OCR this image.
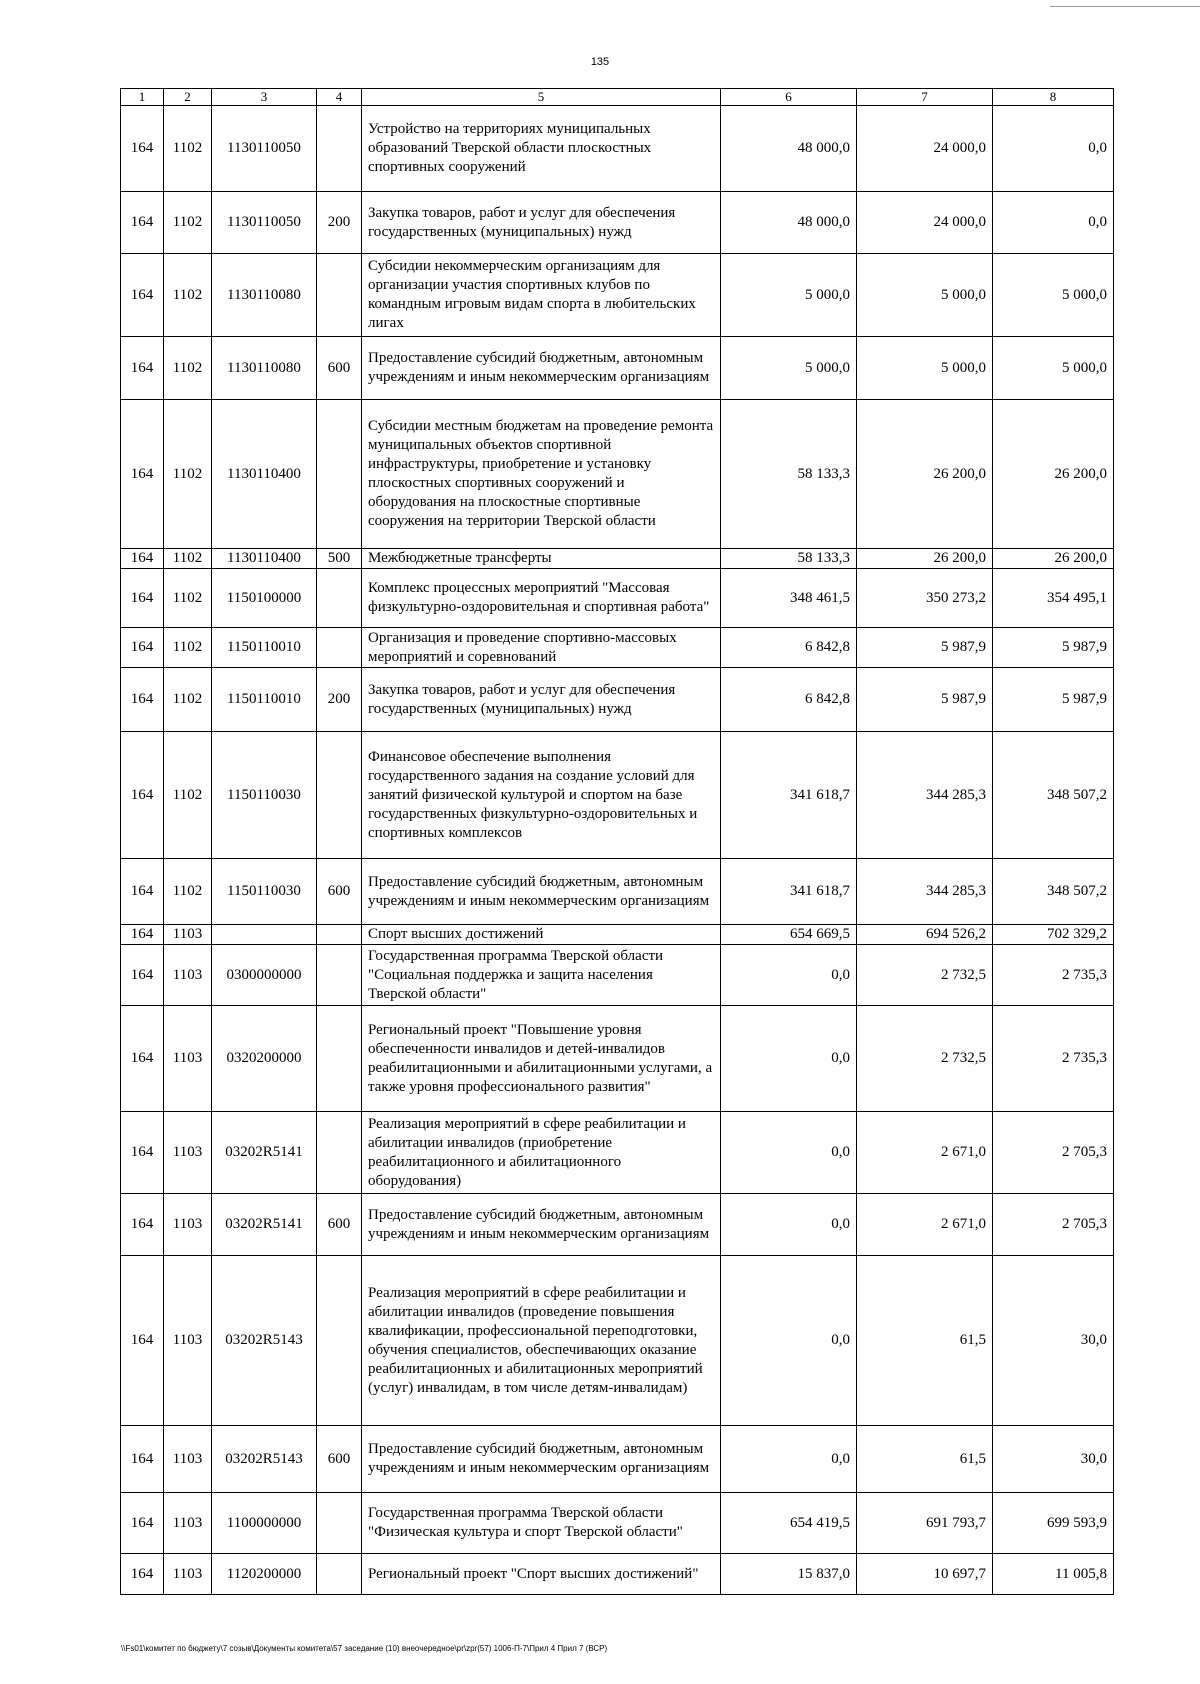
135
1	2	3	4	5	6	7	8
164	1102	1130110050		Устройство на территориях муниципальных образований Тверской области плоскостных спортивных сооружений	48 000,0	24 000,0	0,0
164	1102	1130110050	200	Закупка товаров, работ и услуг для обеспечения государственных (муниципальных) нужд	48 000,0	24 000,0	0,0
164	1102	1130110080		Субсидии некоммерческим организациям для организации участия спортивных клубов по командным игровым видам спорта в любительских лигах	5 000,0	5 000,0	5 000,0
164	1102	1130110080	600	Предоставление субсидий бюджетным, автономным учреждениям и иным некоммерческим организациям	5 000,0	5 000,0	5 000,0
164	1102	1130110400		Субсидии местным бюджетам на проведение ремонта муниципальных объектов спортивной инфраструктуры, приобретение и установку плоскостных спортивных сооружений и оборудования на плоскостные спортивные сооружения на территории Тверской области	58 133,3	26 200,0	26 200,0
164	1102	1130110400	500	Межбюджетные трансферты	58 133,3	26 200,0	26 200,0
164	1102	1150100000		Комплекс процессных мероприятий "Массовая физкультурно-оздоровительная и спортивная работа"	348 461,5	350 273,2	354 495,1
164	1102	1150110010		Организация и проведение спортивно-массовых мероприятий и соревнований	6 842,8	5 987,9	5 987,9
164	1102	1150110010	200	Закупка товаров, работ и услуг для обеспечения государственных (муниципальных) нужд	6 842,8	5 987,9	5 987,9
164	1102	1150110030		Финансовое обеспечение выполнения государственного задания на создание условий для занятий физической культурой и спортом на базе государственных физкультурно-оздоровительных и спортивных комплексов	341 618,7	344 285,3	348 507,2
164	1102	1150110030	600	Предоставление субсидий бюджетным, автономным учреждениям и иным некоммерческим организациям	341 618,7	344 285,3	348 507,2
164	1103			Спорт высших достижений	654 669,5	694 526,2	702 329,2
164	1103	0300000000		Государственная программа Тверской области "Социальная поддержка и защита населения Тверской области"	0,0	2 732,5	2 735,3
164	1103	0320200000		Региональный проект "Повышение уровня обеспеченности инвалидов и детей-инвалидов реабилитационными и абилитационными услугами, а также уровня профессионального развития"	0,0	2 732,5	2 735,3
164	1103	03202R5141		Реализация мероприятий в сфере реабилитации и абилитации инвалидов (приобретение реабилитационного и абилитационного оборудования)	0,0	2 671,0	2 705,3
164	1103	03202R5141	600	Предоставление субсидий бюджетным, автономным учреждениям и иным некоммерческим организациям	0,0	2 671,0	2 705,3
164	1103	03202R5143		Реализация мероприятий в сфере реабилитации и абилитации инвалидов (проведение повышения квалификации, профессиональной переподготовки, обучения специалистов, обеспечивающих оказание реабилитационных и абилитационных мероприятий (услуг) инвалидам, в том числе детям-инвалидам)	0,0	61,5	30,0
164	1103	03202R5143	600	Предоставление субсидий бюджетным, автономным учреждениям и иным некоммерческим организациям	0,0	61,5	30,0
164	1103	1100000000		Государственная программа Тверской области "Физическая культура и спорт Тверской области"	654 419,5	691 793,7	699 593,9
164	1103	1120200000		Региональный проект "Спорт высших достижений"	15 837,0	10 697,7	11 005,8
\\Fs01\комитет по бюджету\7 созыв\Документы комитета\57 заседание (10) внеочередное\pr\zpr(57) 1006-П-7\Прил 4 Прил 7 (ВСР)
